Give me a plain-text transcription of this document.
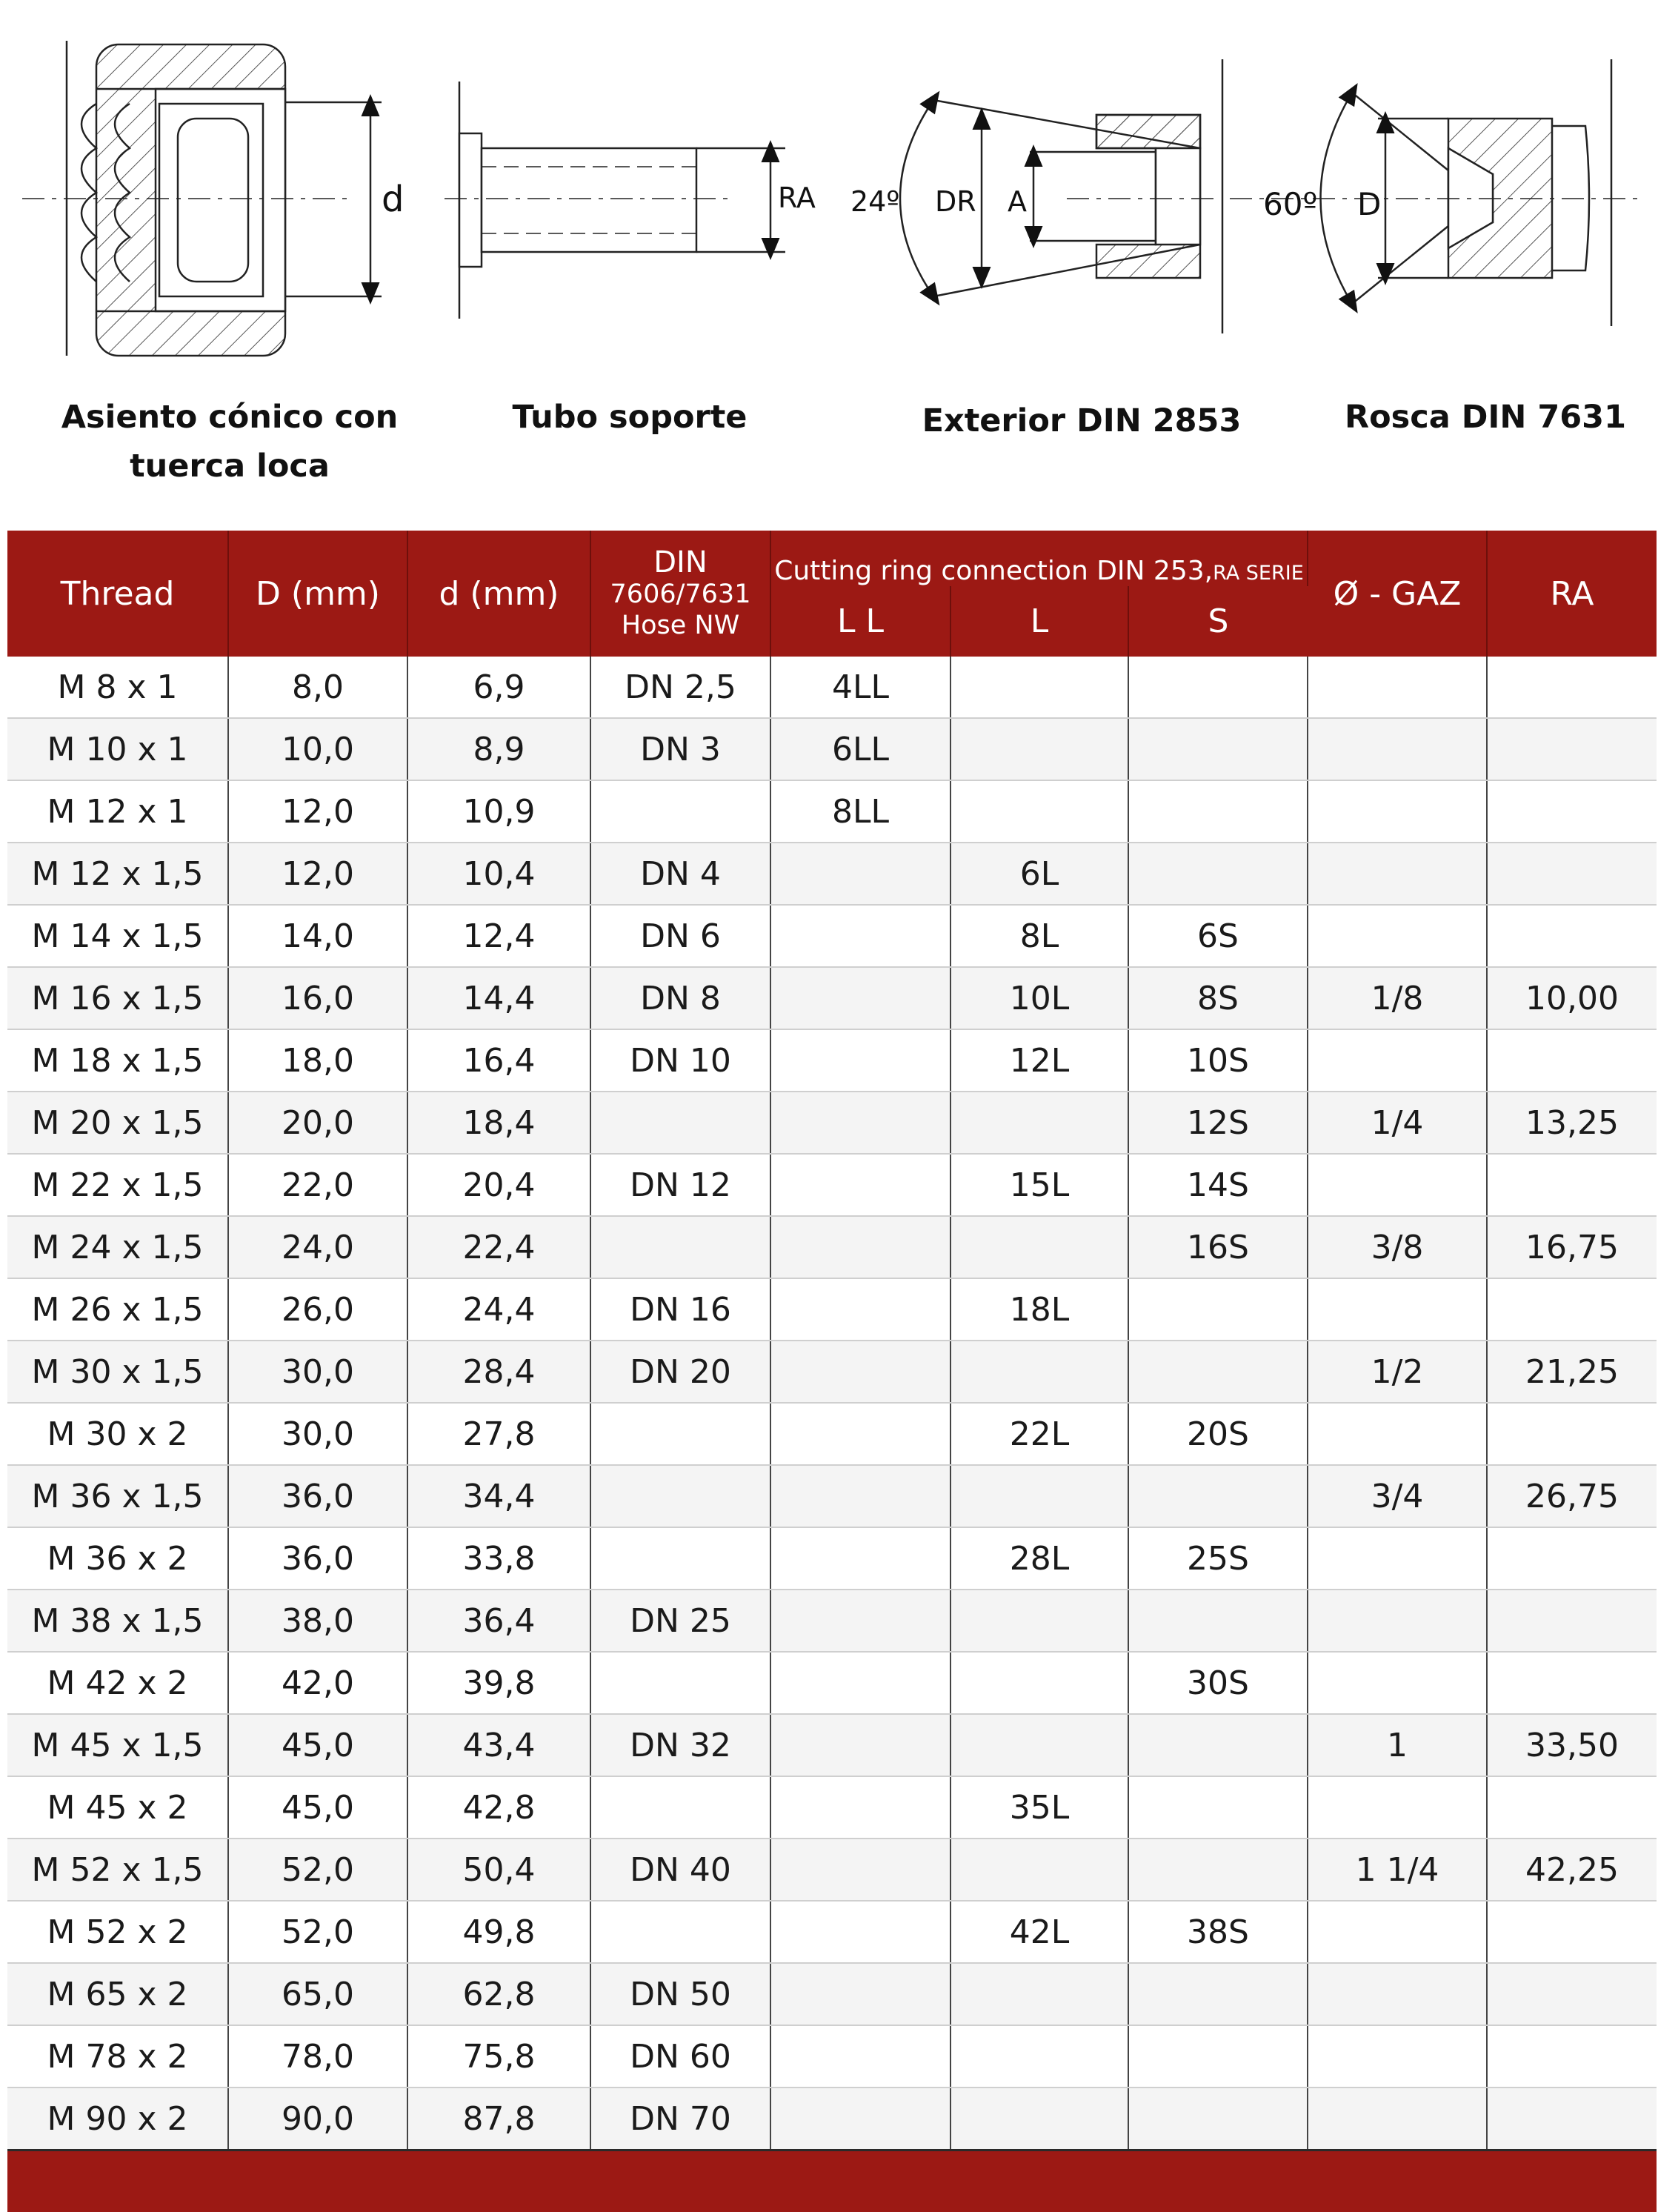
d	RA 24º DR A	60º D
Asiento cónico con
tuerca loca
Tubo soporte	Exterior DIN 2853	Rosca DIN 7631
Thread	D (mm)	d (mm)	DIN
7606/7631
Hose NW	Cutting ring connection DIN 253,RA SERIE			Ø - GAZ	RA
				L L	L	S		
M 8 x 1	8,0	6,9	DN 2,5	4LL				
M 10 x 1	10,0	8,9	DN 3	6LL				
M 12 x 1	12,0	10,9		8LL				
M 12 x 1,5	12,0	10,4	DN 4		6L			
M 14 x 1,5	14,0	12,4	DN 6		8L	6S		
M 16 x 1,5	16,0	14,4	DN 8		10L	8S	1/8	10,00
M 18 x 1,5	18,0	16,4	DN 10		12L	10S		
M 20 x 1,5	20,0	18,4				12S	1/4	13,25
M 22 x 1,5	22,0	20,4	DN 12		15L	14S		
M 24 x 1,5	24,0	22,4				16S	3/8	16,75
M 26 x 1,5	26,0	24,4	DN 16		18L			
M 30 x 1,5	30,0	28,4	DN 20				1/2	21,25
M 30 x 2	30,0	27,8			22L	20S		
M 36 x 1,5	36,0	34,4					3/4	26,75
M 36 x 2	36,0	33,8			28L	25S		
M 38 x 1,5	38,0	36,4	DN 25					
M 42 x 2	42,0	39,8				30S		
M 45 x 1,5	45,0	43,4	DN 32				1	33,50
M 45 x 2	45,0	42,8			35L			
M 52 x 1,5	52,0	50,4	DN 40				1 1/4	42,25
M 52 x 2	52,0	49,8			42L	38S		
M 65 x 2	65,0	62,8	DN 50					
M 78 x 2	78,0	75,8	DN 60					
M 90 x 2	90,0	87,8	DN 70					
